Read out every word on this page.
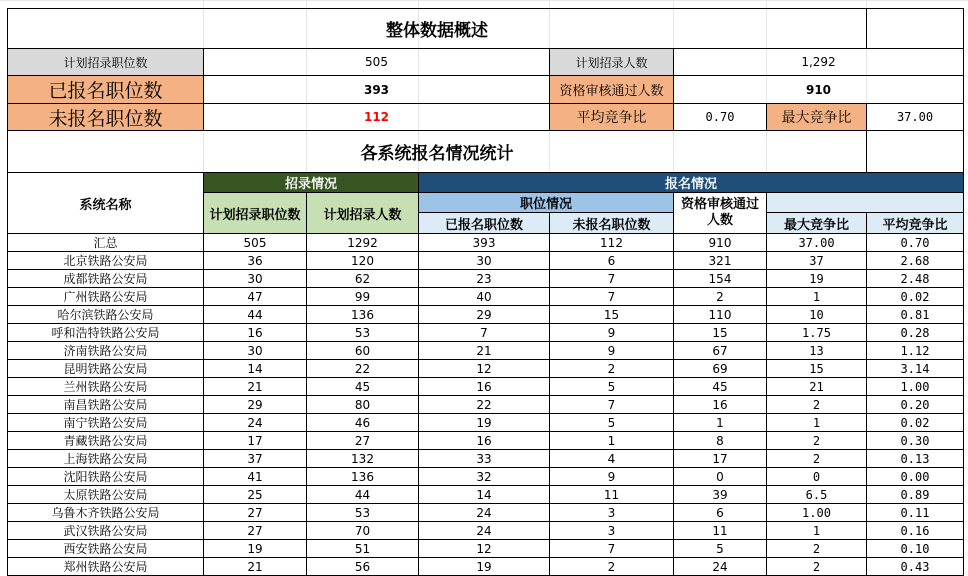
整体数据概述
计划招录职位数	505	计划招录人数	1,292
已报名职位数	393	资格审核通过人数	910
未报名职位数	112	平均竞争比	0.70	最大竞争比	37.00
各系统报名情况统计
系统名称
招录情况	报名情况
计划招录职位数	计划招录人数
职位情况
已报名职位数	未报名职位数
资格审核通过人数	最大竞争比	平均竞争比
汇总	505	1292	393	112	910	37.00	0.70
北京铁路公安局	36	120	30	6	321	37	2.68
成都铁路公安局	30	62	23	7	154	19	2.48
广州铁路公安局	47	99	40	7	2	1	0.02
哈尔滨铁路公安局	44	136	29	15	110	10	0.81
呼和浩特铁路公安局	16	53	7	9	15	1.75	0.28
济南铁路公安局	30	60	21	9	67	13	1.12
昆明铁路公安局	14	22	12	2	69	15	3.14
兰州铁路公安局	21	45	16	5	45	21	1.00
南昌铁路公安局	29	80	22	7	16	2	0.20
南宁铁路公安局	24	46	19	5	1	1	0.02
青藏铁路公安局	17	27	16	1	8	2	0.30
上海铁路公安局	37	132	33	4	17	2	0.13
沈阳铁路公安局	41	136	32	9	0	0	0.00
太原铁路公安局	25	44	14	11	39	6.5	0.89
乌鲁木齐铁路公安局	27	53	24	3	6	1.00	0.11
武汉铁路公安局	27	70	24	3	11	1	0.16
西安铁路公安局	19	51	12	7	5	2	0.10
郑州铁路公安局	21	56	19	2	24	2	0.43
